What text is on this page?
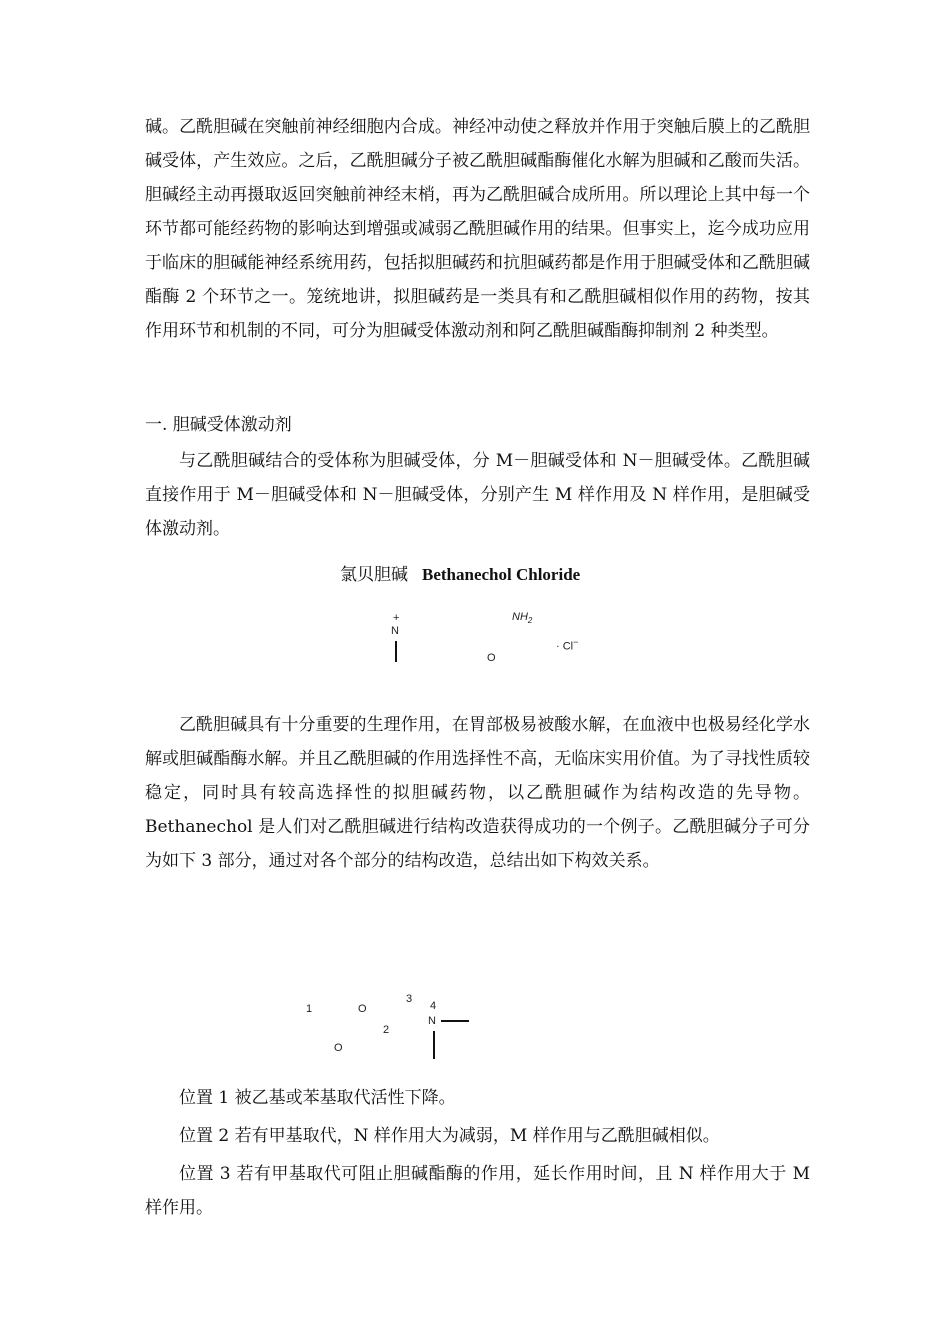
碱。乙酰胆碱在突触前神经细胞内合成。神经冲动使之释放并作用于突触后膜上的乙酰胆碱受体，产生效应。之后，乙酰胆碱分子被乙酰胆碱酯酶催化水解为胆碱和乙酸而失活。胆碱经主动再摄取返回突触前神经末梢，再为乙酰胆碱合成所用。所以理论上其中每一个环节都可能经药物的影响达到增强或减弱乙酰胆碱作用的结果。但事实上，迄今成功应用于临床的胆碱能神经系统用药，包括拟胆碱药和抗胆碱药都是作用于胆碱受体和乙酰胆碱酯酶 2 个环节之一。笼统地讲，拟胆碱药是一类具有和乙酰胆碱相似作用的药物，按其作用环节和机制的不同，可分为胆碱受体激动剂和阿乙酰胆碱酯酶抑制剂 2 种类型。

一. 胆碱受体激动剂

与乙酰胆碱结合的受体称为胆碱受体，分 M－胆碱受体和 N－胆碱受体。乙酰胆碱直接作用于 M－胆碱受体和 N－胆碱受体，分别产生 M 样作用及 N 样作用，是胆碱受体激动剂。

氯贝胆碱 Bethanechol Chloride
+
N
$NH_2$
· Cl−
O

乙酰胆碱具有十分重要的生理作用，在胃部极易被酸水解，在血液中也极易经化学水解或胆碱酯酶水解。并且乙酰胆碱的作用选择性不高，无临床实用价值。为了寻找性质较稳定，同时具有较高选择性的拟胆碱药物，以乙酰胆碱作为结构改造的先导物。Bethanechol 是人们对乙酰胆碱进行结构改造获得成功的一个例子。乙酰胆碱分子可分为如下 3 部分，通过对各个部分的结构改造，总结出如下构效关系。

1	O
3
4
N
2
O
位置 1 被乙基或苯基取代活性下降。
位置 2 若有甲基取代，N 样作用大为减弱，M 样作用与乙酰胆碱相似。
位置 3 若有甲基取代可阻止胆碱酯酶的作用，延长作用时间，且 N 样作用大于 M 样作用。
